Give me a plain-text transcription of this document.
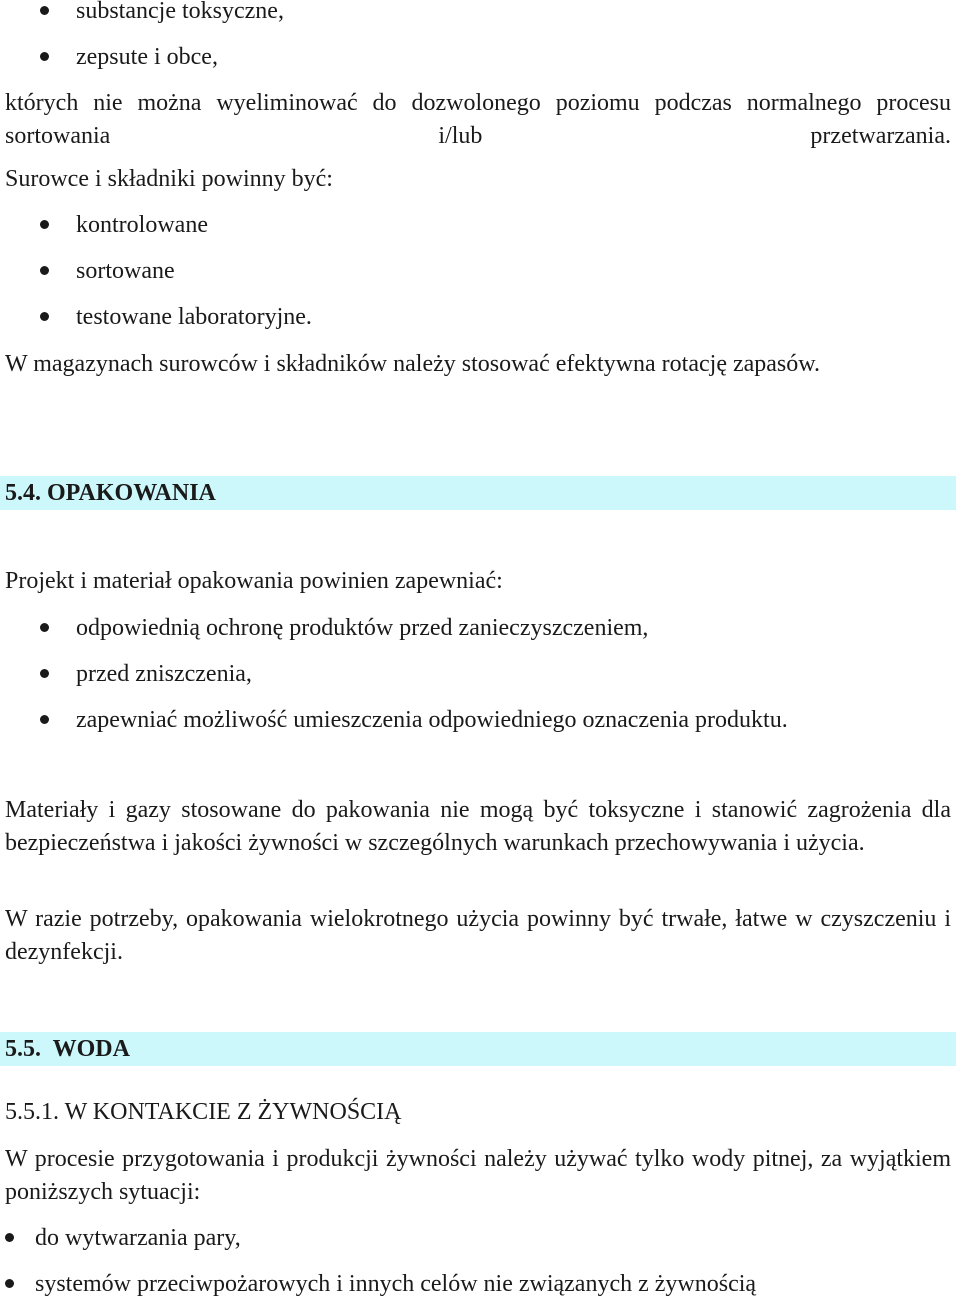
substancje toksyczne,
zepsute i obce,

których nie można wyeliminować do dozwolonego poziomu podczas normalnego procesu sortowania i/lub przetwarzania.

Surowce i składniki powinny być:

kontrolowane
sortowane
testowane laboratoryjne.

W magazynach surowców i składników należy stosować efektywna rotację zapasów.

5.4. OPAKOWANIA

Projekt i materiał opakowania powinien zapewniać:

odpowiednią ochronę produktów przed zanieczyszczeniem,
przed zniszczenia,
zapewniać możliwość umieszczenia odpowiedniego oznaczenia produktu.

Materiały i gazy stosowane do pakowania nie mogą być toksyczne i stanowić zagrożenia dla bezpieczeństwa i jakości żywności w szczególnych warunkach przechowywania i użycia.

W razie potrzeby, opakowania wielokrotnego użycia powinny być trwałe, łatwe w czyszczeniu i dezynfekcji.

5.5.  WODA
5.5.1. W KONTAKCIE Z ŻYWNOŚCIĄ

W procesie przygotowania i produkcji żywności należy używać tylko wody pitnej, za wyjątkiem poniższych sytuacji:

do wytwarzania pary,
systemów przeciwpożarowych i innych celów nie związanych z żywnością
